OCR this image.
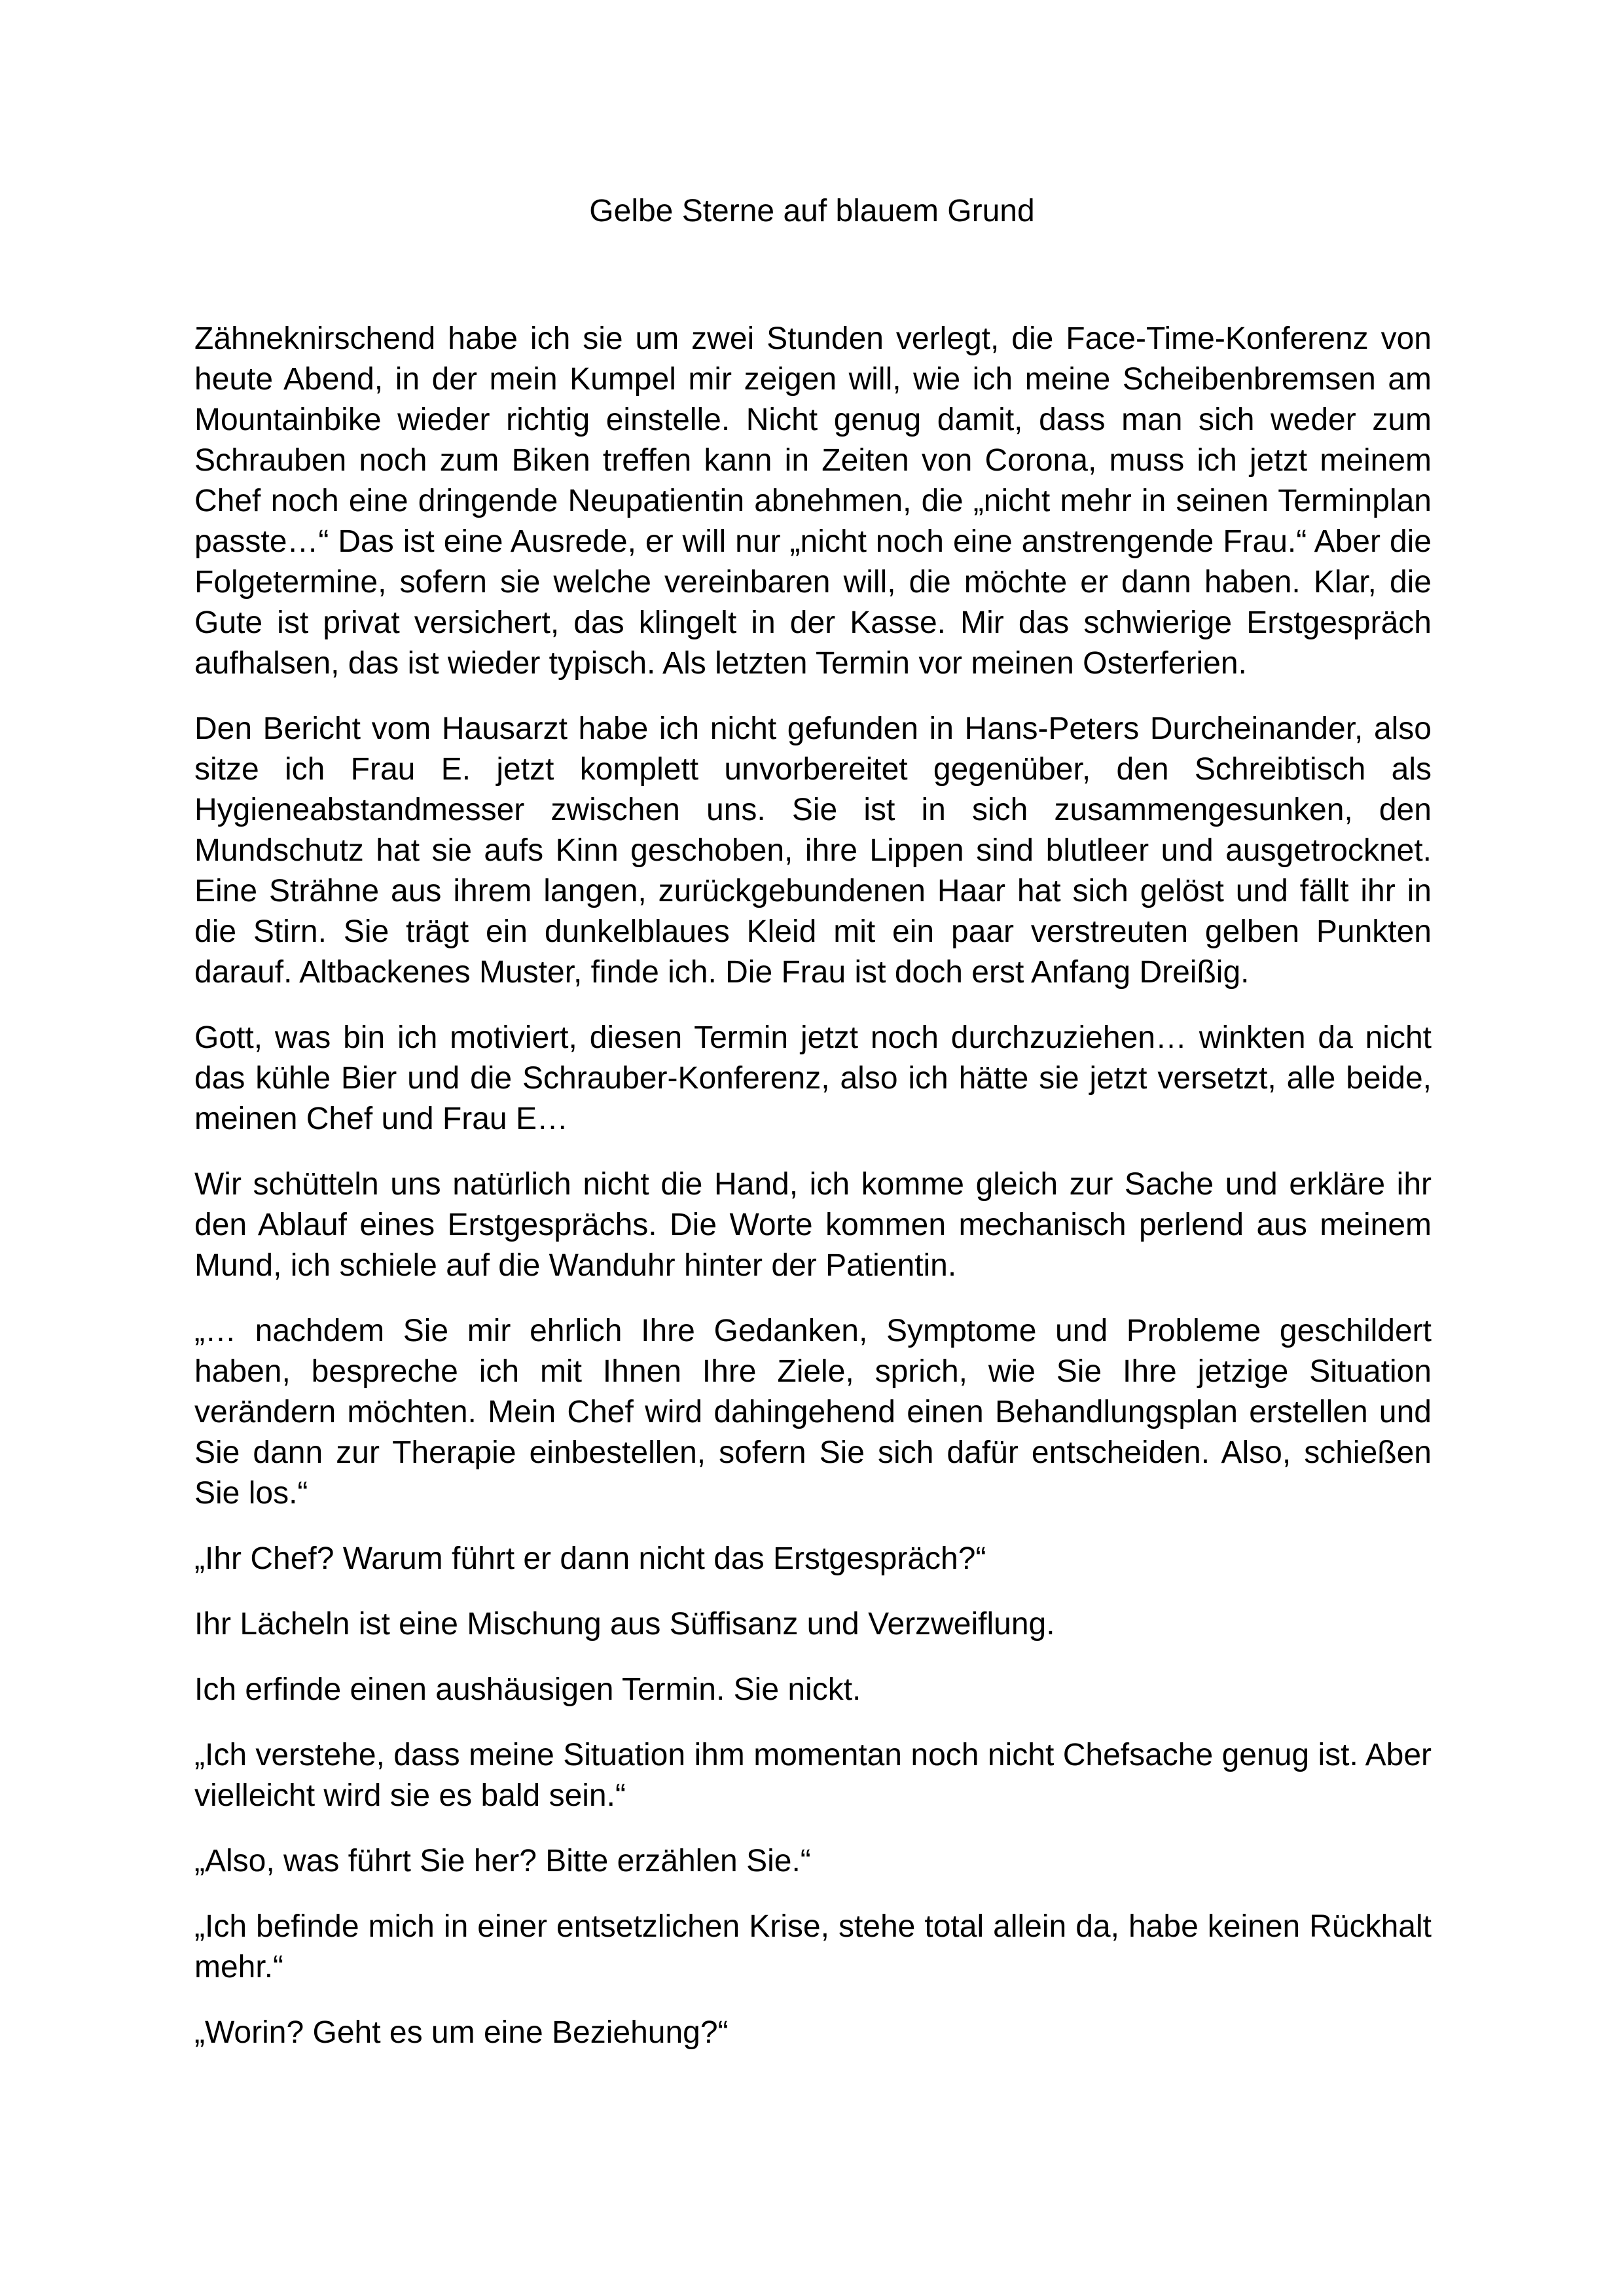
Gelbe Sterne auf blauem Grund

Zähneknirschend habe ich sie um zwei Stunden verlegt, die Face-Time-Konferenz von heute Abend, in der mein Kumpel mir zeigen will, wie ich meine Scheibenbremsen am Mountainbike wieder richtig einstelle. Nicht genug damit, dass man sich weder zum Schrauben noch zum Biken treffen kann in Zeiten von Corona, muss ich jetzt meinem Chef noch eine dringende Neupatientin abnehmen, die „nicht mehr in seinen Terminplan passte…“ Das ist eine Ausrede, er will nur „nicht noch eine anstrengende Frau.“ Aber die Folgetermine, sofern sie welche vereinbaren will, die möchte er dann haben. Klar, die Gute ist privat versichert, das klingelt in der Kasse. Mir das schwierige Erstgespräch aufhalsen, das ist wieder typisch. Als letzten Termin vor meinen Osterferien.

Den Bericht vom Hausarzt habe ich nicht gefunden in Hans-Peters Durcheinander, also sitze ich Frau E. jetzt komplett unvorbereitet gegenüber, den Schreibtisch als Hygieneabstandmesser zwischen uns. Sie ist in sich zusammengesunken, den Mundschutz hat sie aufs Kinn geschoben, ihre Lippen sind blutleer und ausgetrocknet. Eine Strähne aus ihrem langen, zurückgebundenen Haar hat sich gelöst und fällt ihr in die Stirn. Sie trägt ein dunkelblaues Kleid mit ein paar verstreuten gelben Punkten darauf. Altbackenes Muster, finde ich. Die Frau ist doch erst Anfang Dreißig.

Gott, was bin ich motiviert, diesen Termin jetzt noch durchzuziehen… winkten da nicht das kühle Bier und die Schrauber-Konferenz, also ich hätte sie jetzt versetzt, alle beide, meinen Chef und Frau E…

Wir schütteln uns natürlich nicht die Hand, ich komme gleich zur Sache und erkläre ihr den Ablauf eines Erstgesprächs. Die Worte kommen mechanisch perlend aus meinem Mund, ich schiele auf die Wanduhr hinter der Patientin.

„… nachdem Sie mir ehrlich Ihre Gedanken, Symptome und Probleme geschildert haben, bespreche ich mit Ihnen Ihre Ziele, sprich, wie Sie Ihre jetzige Situation verändern möchten. Mein Chef wird dahingehend einen Behandlungsplan erstellen und Sie dann zur Therapie einbestellen, sofern Sie sich dafür entscheiden. Also, schießen Sie los.“

„Ihr Chef? Warum führt er dann nicht das Erstgespräch?“

Ihr Lächeln ist eine Mischung aus Süffisanz und Verzweiflung.

Ich erfinde einen aushäusigen Termin. Sie nickt.

„Ich verstehe, dass meine Situation ihm momentan noch nicht Chefsache genug ist. Aber vielleicht wird sie es bald sein.“

„Also, was führt Sie her? Bitte erzählen Sie.“

„Ich befinde mich in einer entsetzlichen Krise, stehe total allein da, habe keinen Rückhalt mehr.“

„Worin? Geht es um eine Beziehung?“
